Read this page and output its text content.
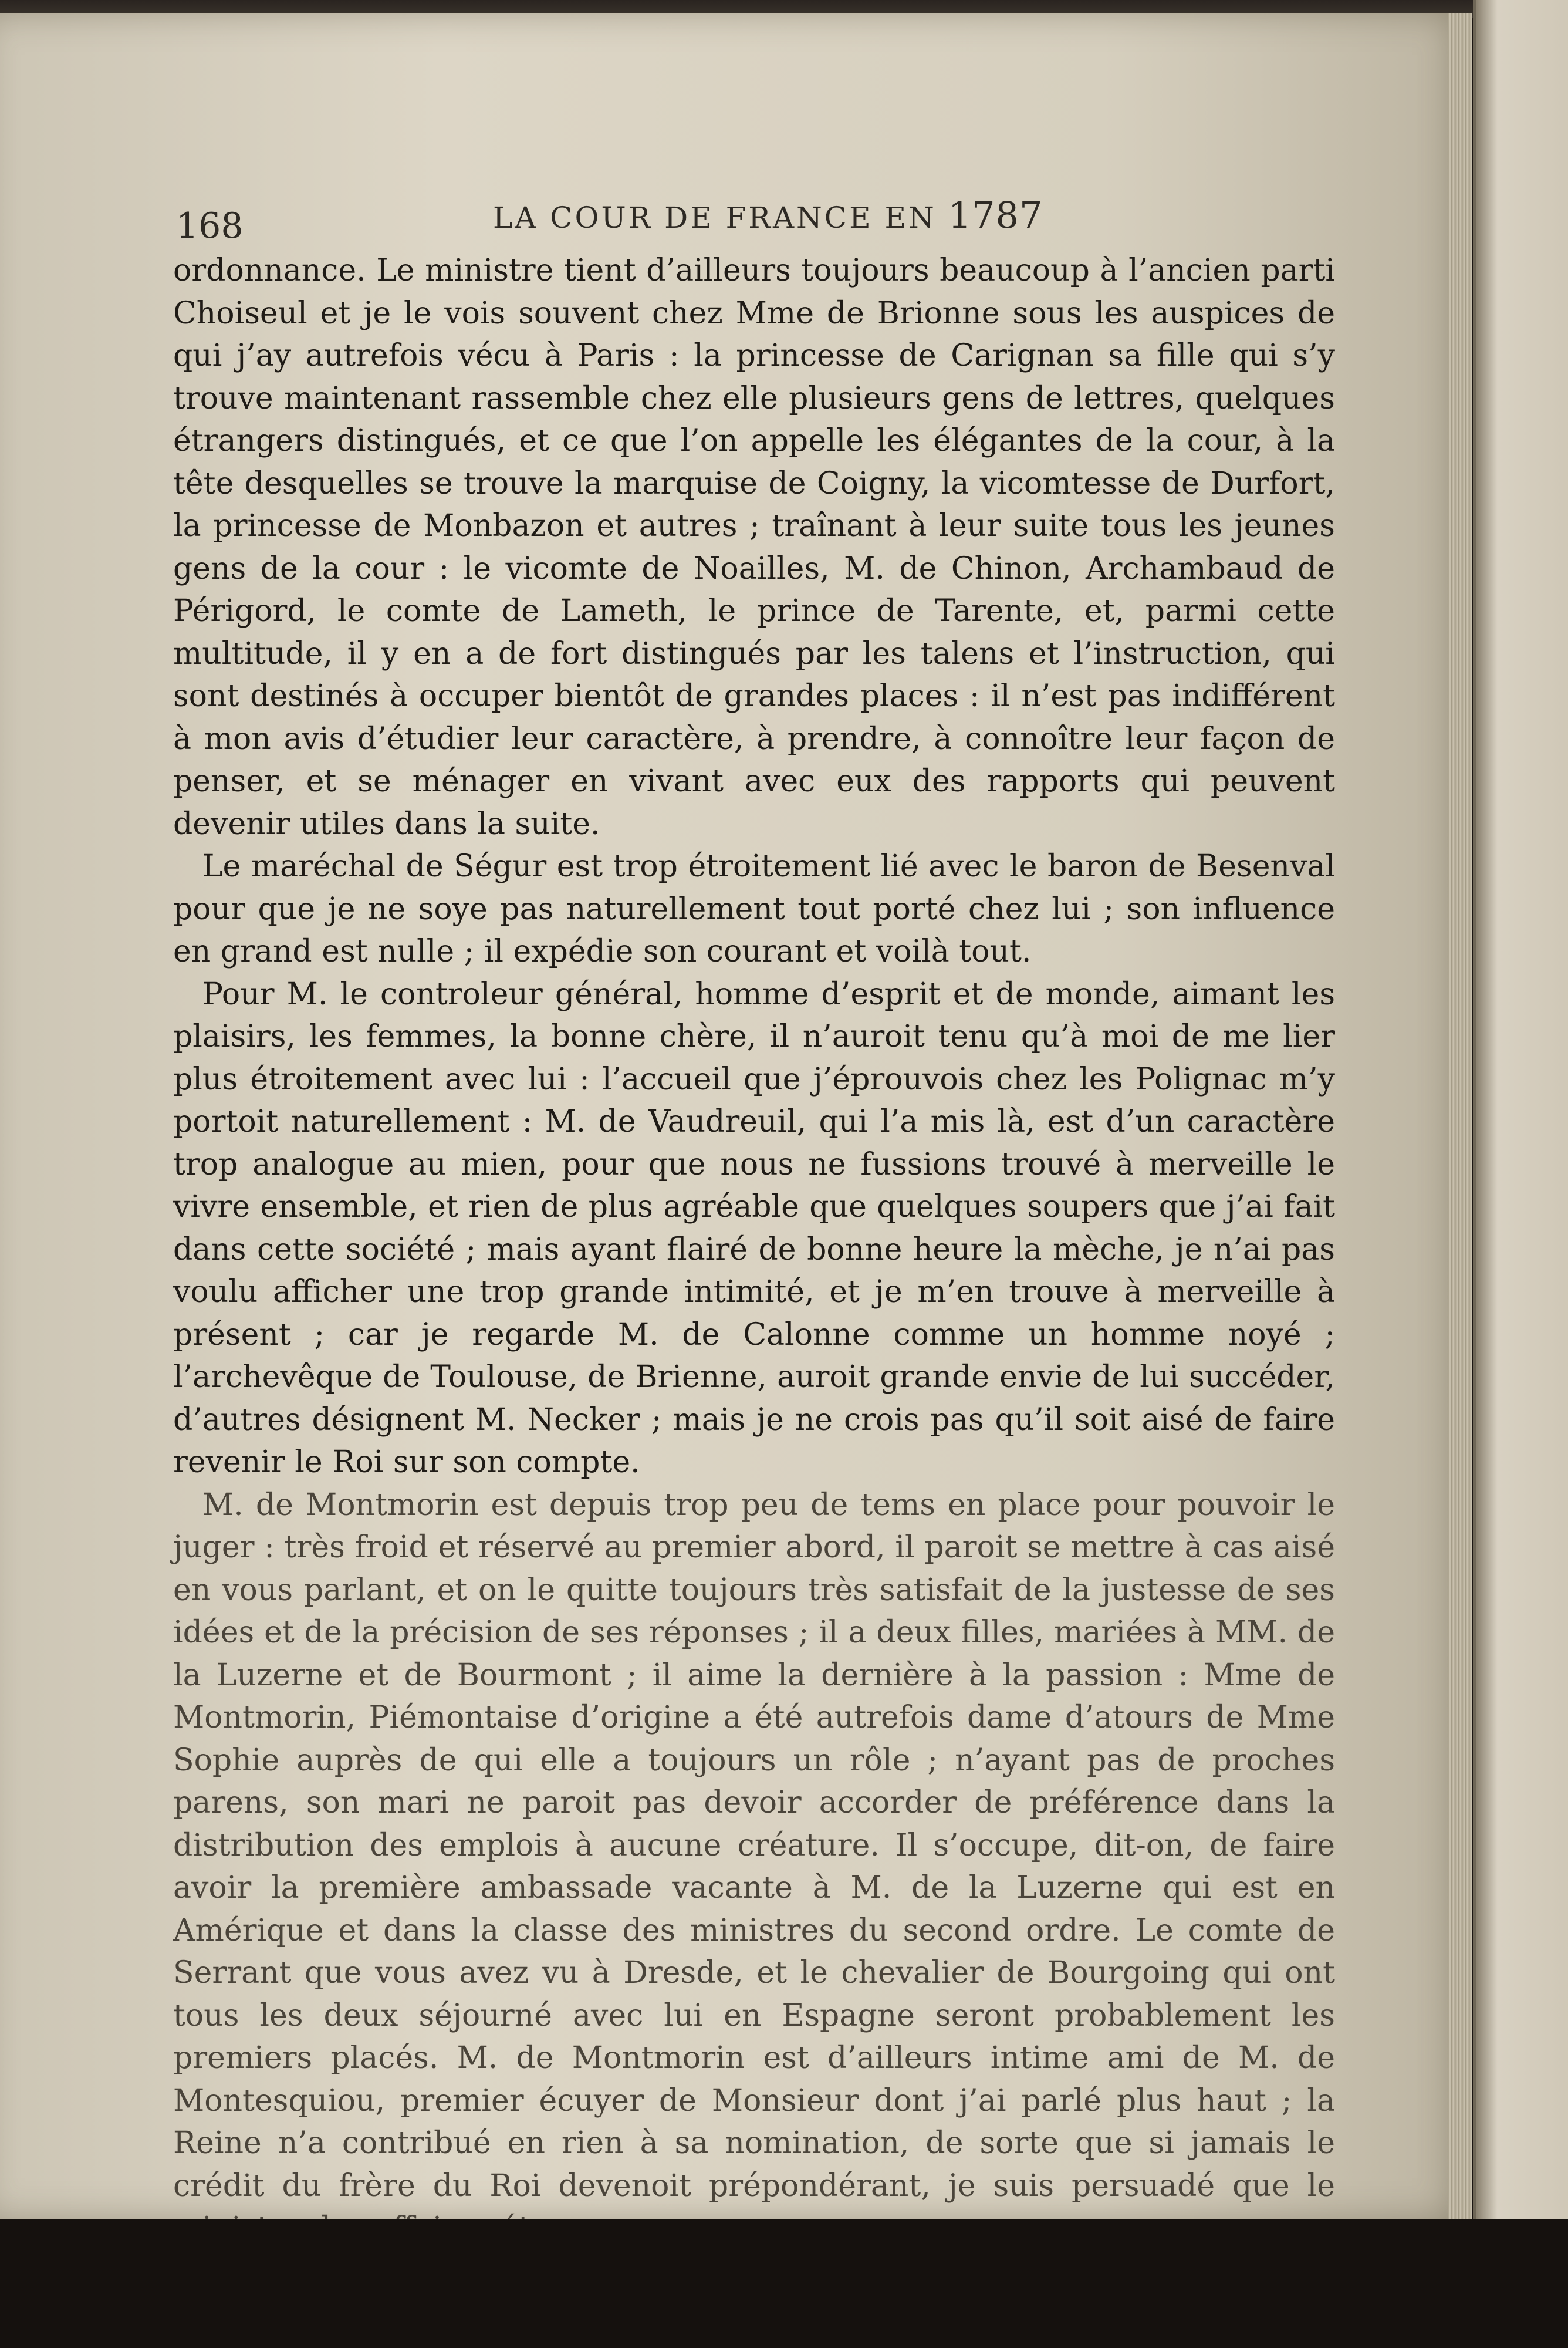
168	LA COUR DE FRANCE EN 1787

ordonnance. Le ministre tient d’ailleurs toujours beaucoup à l’ancien parti Choiseul et je le vois souvent chez Mme de Brionne sous les auspices de qui j’ay autrefois vécu à Paris : la princesse de Carignan sa fille qui s’y trouve maintenant rassemble chez elle plusieurs gens de lettres, quelques étrangers distingués, et ce que l’on appelle les élégantes de la cour, à la tête desquelles se trouve la marquise de Coigny, la vicomtesse de Durfort, la princesse de Monbazon et autres ; traînant à leur suite tous les jeunes gens de la cour : le vicomte de Noailles, M. de Chinon, Archambaud de Périgord, le comte de Lameth, le prince de Tarente, et, parmi cette multitude, il y en a de fort distingués par les talens et l’instruction, qui sont destinés à occuper bientôt de grandes places : il n’est pas indifférent à mon avis d’étudier leur caractère, à prendre, à connoître leur façon de penser, et se ménager en vivant avec eux des rapports qui peuvent devenir utiles dans la suite.

Le maréchal de Ségur est trop étroitement lié avec le baron de Besenval pour que je ne soye pas naturellement tout porté chez lui ; son influence en grand est nulle ; il expédie son courant et voilà tout.

Pour M. le controleur général, homme d’esprit et de monde, aimant les plaisirs, les femmes, la bonne chère, il n’auroit tenu qu’à moi de me lier plus étroitement avec lui : l’accueil que j’éprouvois chez les Polignac m’y portoit naturellement : M. de Vaudreuil, qui l’a mis là, est d’un caractère trop analogue au mien, pour que nous ne fussions trouvé à merveille le vivre ensemble, et rien de plus agréable que quelques soupers que j’ai fait dans cette société ; mais ayant flairé de bonne heure la mèche, je n’ai pas voulu afficher une trop grande intimité, et je m’en trouve à merveille à présent ; car je regarde M. de Calonne comme un homme noyé ; l’archevêque de Toulouse, de Brienne, auroit grande envie de lui succéder, d’autres désignent M. Necker ; mais je ne crois pas qu’il soit aisé de faire revenir le Roi sur son compte.

M. de Montmorin est depuis trop peu de tems en place pour pouvoir le juger : très froid et réservé au premier abord, il paroit se mettre à cas aisé en vous parlant, et on le quitte toujours très satisfait de la justesse de ses idées et de la précision de ses réponses ; il a deux filles, mariées à MM. de la Luzerne et de Bourmont ; il aime la dernière à la passion : Mme de Montmorin, Piémontaise d’origine a été autrefois dame d’atours de Mme Sophie auprès de qui elle a toujours un rôle ; n’ayant pas de proches parens, son mari ne paroit pas devoir accorder de préférence dans la distribution des emplois à aucune créature. Il s’occupe, dit-on, de faire avoir la première ambassade vacante à M. de la Luzerne qui est en Amérique et dans la classe des ministres du second ordre. Le comte de Serrant que vous avez vu à Dresde, et le chevalier de Bourgoing qui ont tous les deux séjourné avec lui en Espagne seront probablement les premiers placés. M. de Montmorin est d’ailleurs intime ami de M. de Montesquiou, premier écuyer de Monsieur dont j’ai parlé plus haut ; la Reine n’a contribué en rien à sa nomination, de sorte que si jamais le crédit du frère du Roi devenoit prépondérant, je suis persuadé que le
